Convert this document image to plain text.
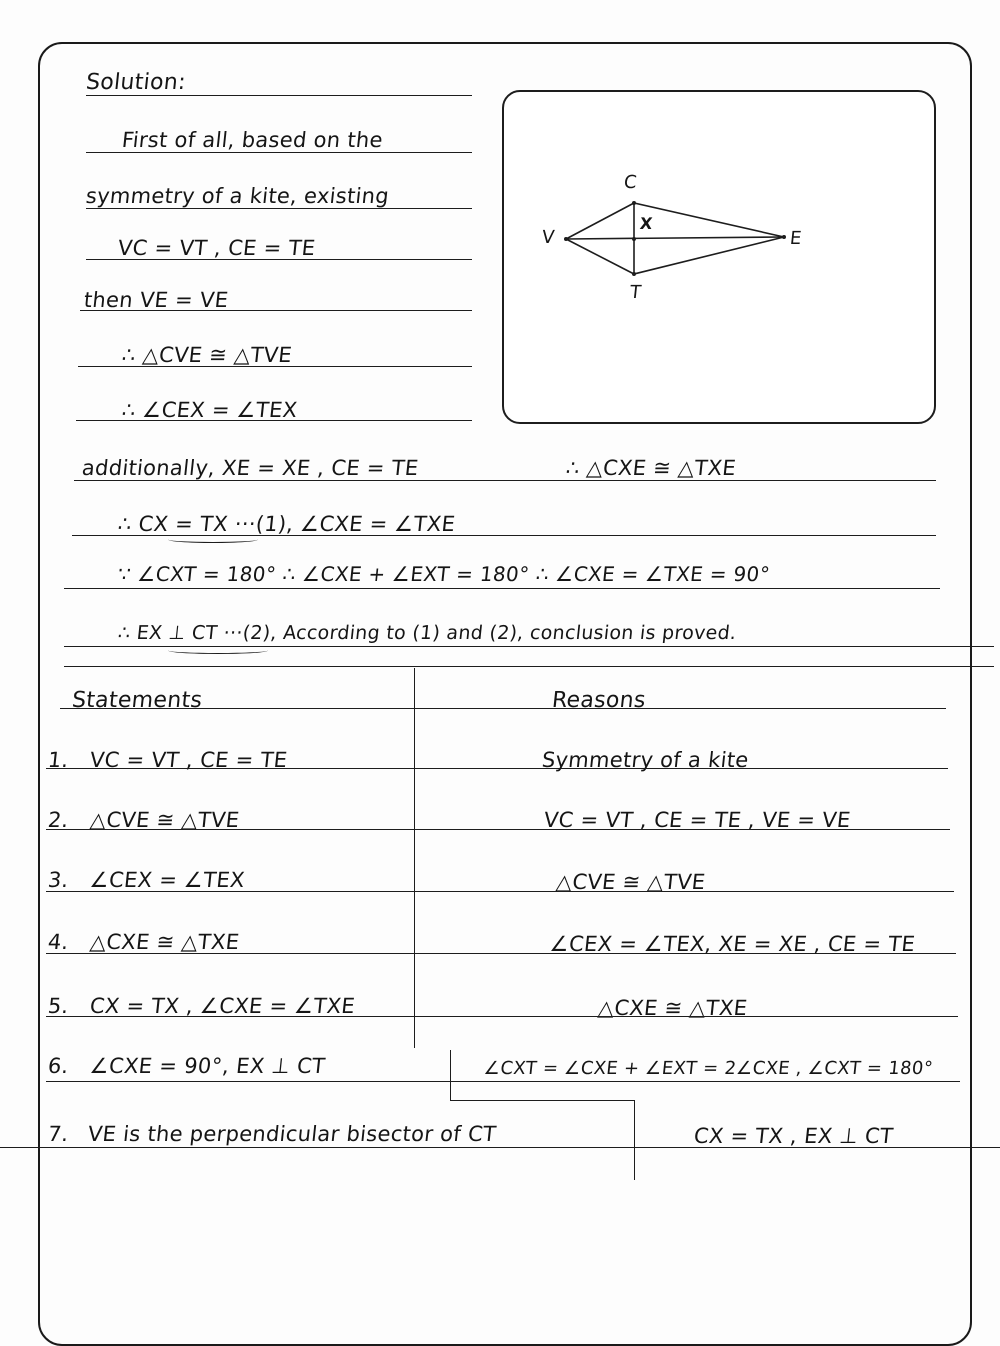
Solution:
First of all, based on the
symmetry of a kite, existing
VC = VT , CE = TE
then VE = VE
∴ △CVE ≅ △TVE
∴ ∠CEX = ∠TEX
C
V
X
E
T
additionally, XE = XE , CE = TE	∴ △CXE ≅ △TXE
∴ CX = TX ···(1), ∠CXE = ∠TXE
∵ ∠CXT = 180° ∴ ∠CXE + ∠EXT = 180° ∴ ∠CXE = ∠TXE = 90°
∴ EX ⊥ CT ···(2), According to (1) and (2), conclusion is proved.
Statements	Reasons
1. VC = VT , CE = TE	Symmetry of a kite
2. △CVE ≅ △TVE	VC = VT , CE = TE , VE = VE
3. ∠CEX = ∠TEX	△CVE ≅ △TVE
4. △CXE ≅ △TXE	∠CEX = ∠TEX, XE = XE , CE = TE
5. CX = TX , ∠CXE = ∠TXE	△CXE ≅ △TXE
6. ∠CXE = 90°, EX ⊥ CT	∠CXT = ∠CXE + ∠EXT = 2∠CXE , ∠CXT = 180°
7. VE is the perpendicular bisector of CT	CX = TX , EX ⊥ CT
